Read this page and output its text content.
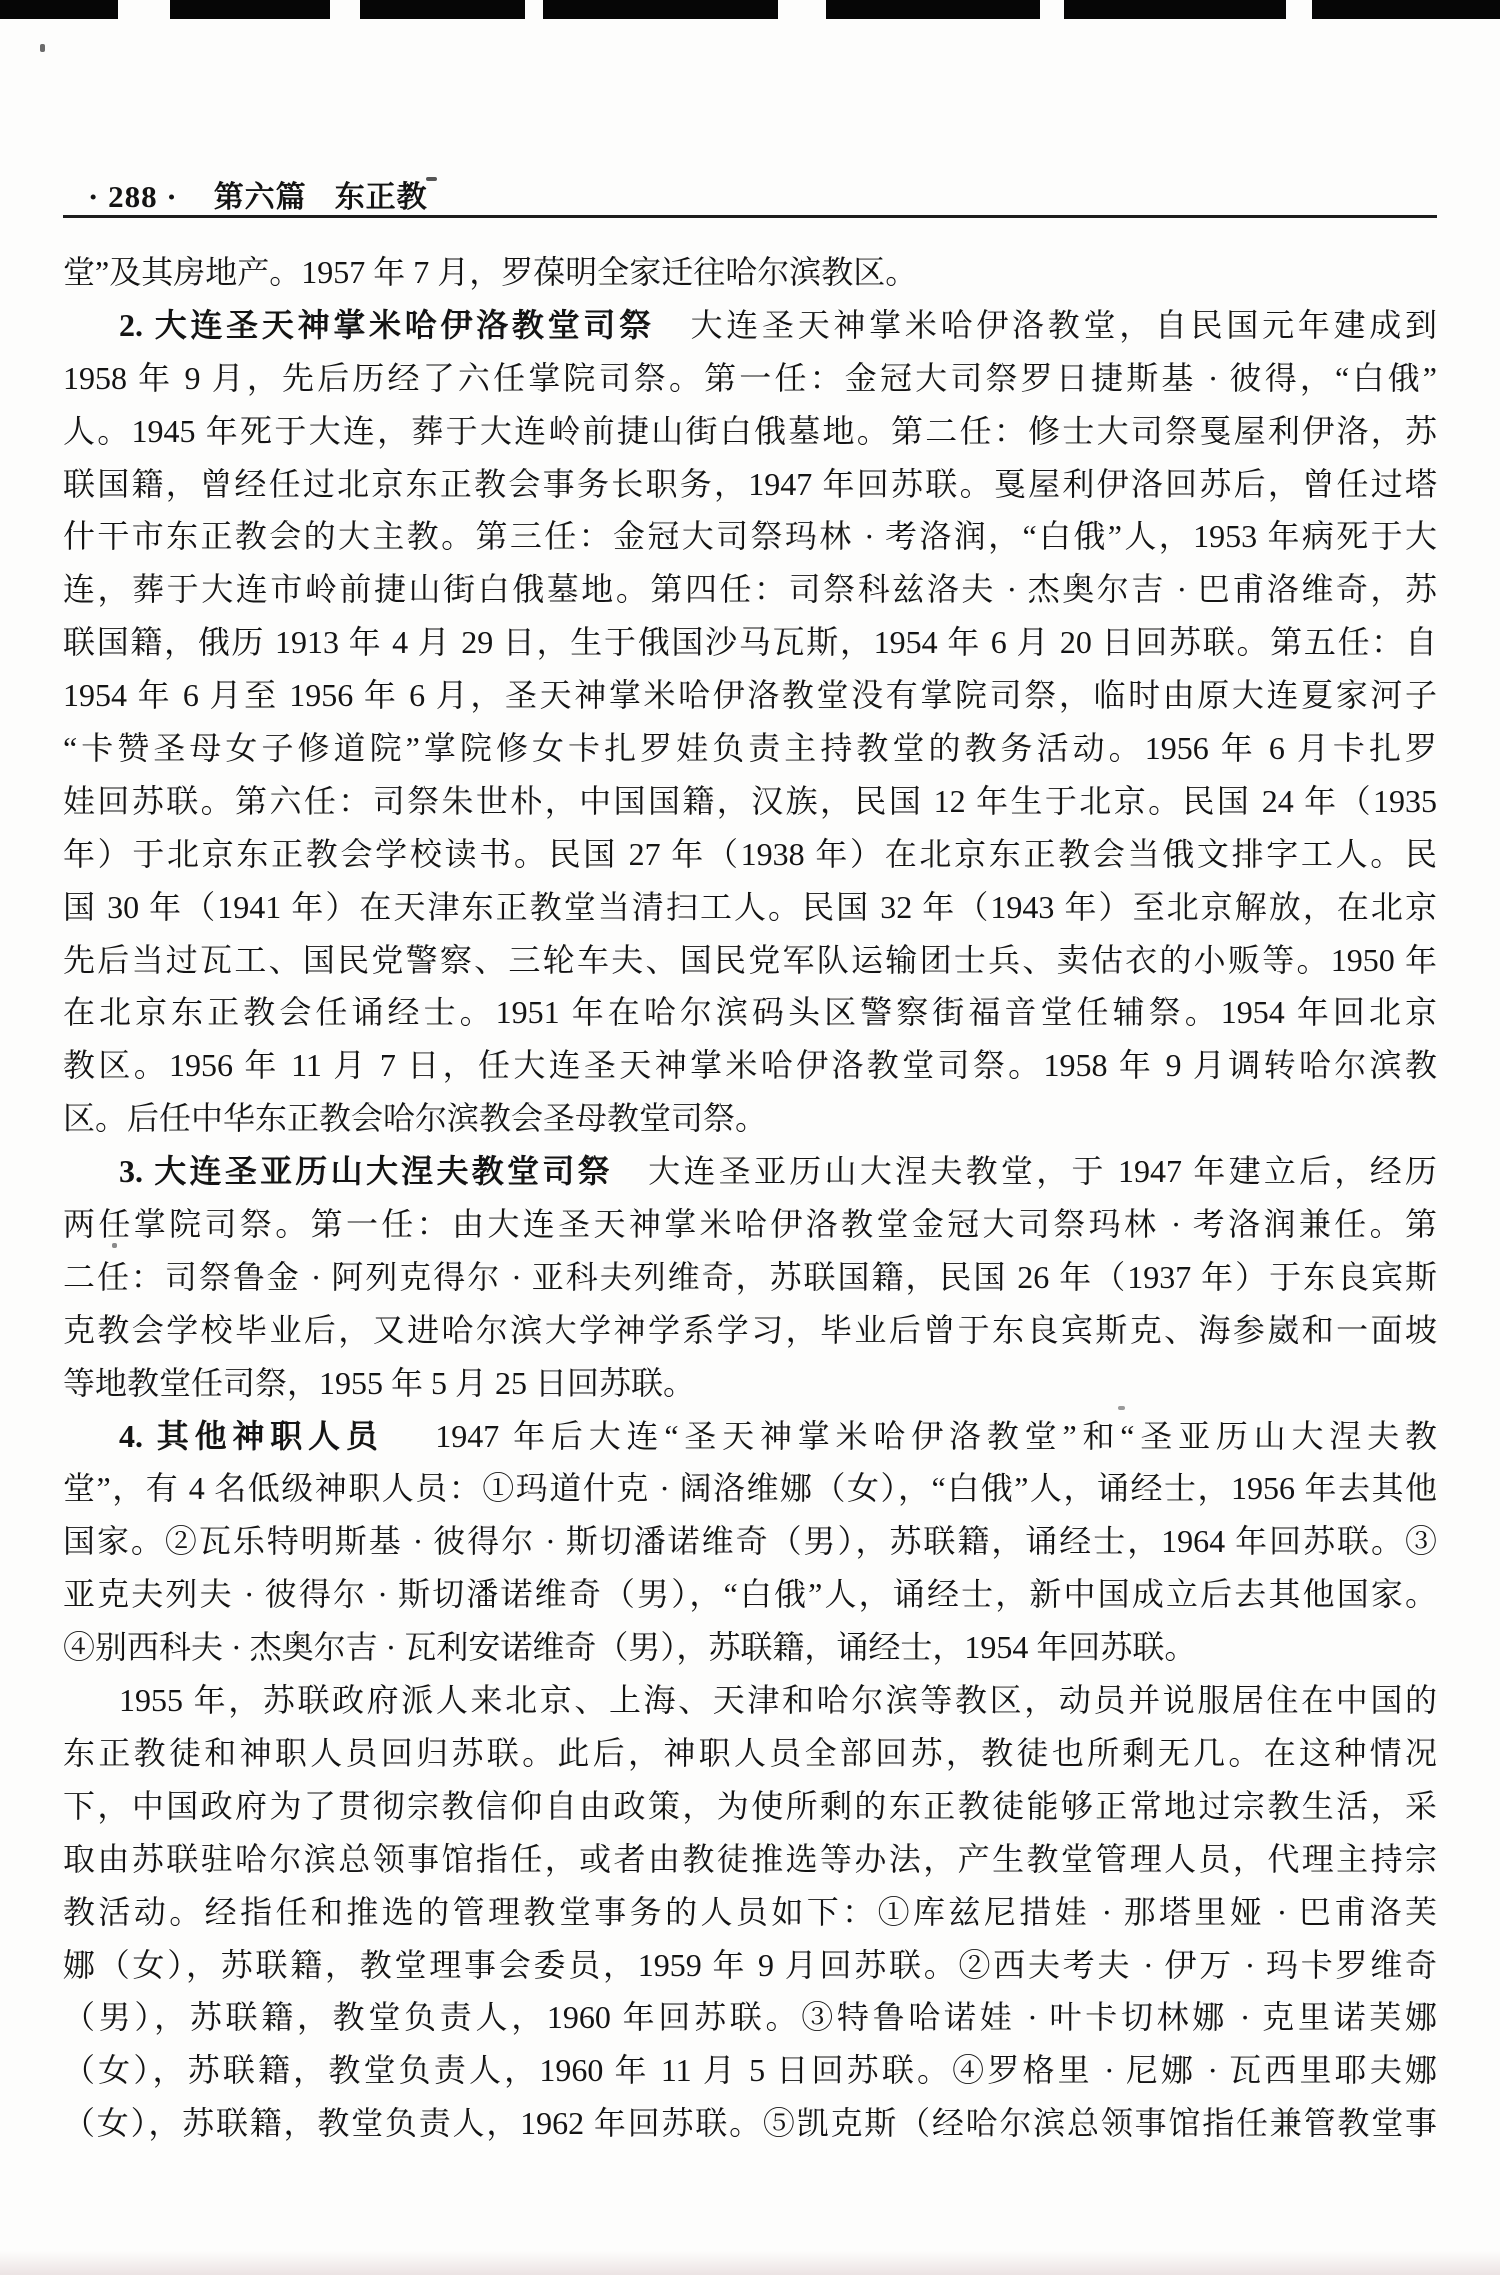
· 288 · 第六篇 东正教
堂”及其房地产。1957 年 7 月，罗葆明全家迁往哈尔滨教区。
2. 大连圣天神掌米哈伊洛教堂司祭　大连圣天神掌米哈伊洛教堂，自民国元年建成到
1958 年 9 月，先后历经了六任掌院司祭。第一任：金冠大司祭罗日捷斯基 · 彼得，“白俄”
人。1945 年死于大连，葬于大连岭前捷山街白俄墓地。第二任：修士大司祭戛屋利伊洛，苏
联国籍，曾经任过北京东正教会事务长职务，1947 年回苏联。戛屋利伊洛回苏后，曾任过塔
什干市东正教会的大主教。第三任：金冠大司祭玛林 · 考洛润，“白俄”人，1953 年病死于大
连，葬于大连市岭前捷山街白俄墓地。第四任：司祭科兹洛夫 · 杰奥尔吉 · 巴甫洛维奇，苏
联国籍，俄历 1913 年 4 月 29 日，生于俄国沙马瓦斯，1954 年 6 月 20 日回苏联。第五任：自
1954 年 6 月至 1956 年 6 月，圣天神掌米哈伊洛教堂没有掌院司祭，临时由原大连夏家河子
“卡赞圣母女子修道院”掌院修女卡扎罗娃负责主持教堂的教务活动。1956 年 6 月卡扎罗
娃回苏联。第六任：司祭朱世朴，中国国籍，汉族，民国 12 年生于北京。民国 24 年（1935
年）于北京东正教会学校读书。民国 27 年（1938 年）在北京东正教会当俄文排字工人。民
国 30 年（1941 年）在天津东正教堂当清扫工人。民国 32 年（1943 年）至北京解放，在北京
先后当过瓦工、国民党警察、三轮车夫、国民党军队运输团士兵、卖估衣的小贩等。1950 年
在北京东正教会任诵经士。1951 年在哈尔滨码头区警察街福音堂任辅祭。1954 年回北京
教区。1956 年 11 月 7 日，任大连圣天神掌米哈伊洛教堂司祭。1958 年 9 月调转哈尔滨教
区。后任中华东正教会哈尔滨教会圣母教堂司祭。
3. 大连圣亚历山大涅夫教堂司祭　大连圣亚历山大涅夫教堂，于 1947 年建立后，经历
两任掌院司祭。第一任：由大连圣天神掌米哈伊洛教堂金冠大司祭玛林 · 考洛润兼任。第
二任：司祭鲁金 · 阿列克得尔 · 亚科夫列维奇，苏联国籍，民国 26 年（1937 年）于东良宾斯
克教会学校毕业后，又进哈尔滨大学神学系学习，毕业后曾于东良宾斯克、海参崴和一面坡
等地教堂任司祭，1955 年 5 月 25 日回苏联。
4. 其他神职人员　 1947 年后大连“圣天神掌米哈伊洛教堂”和“圣亚历山大涅夫教
堂”，有 4 名低级神职人员：①玛道什克 · 阔洛维娜（女），“白俄”人，诵经士，1956 年去其他
国家。②瓦乐特明斯基 · 彼得尔 · 斯切潘诺维奇（男），苏联籍，诵经士，1964 年回苏联。③
亚克夫列夫 · 彼得尔 · 斯切潘诺维奇（男），“白俄”人，诵经士，新中国成立后去其他国家。
④别西科夫 · 杰奥尔吉 · 瓦利安诺维奇（男），苏联籍，诵经士，1954 年回苏联。
1955 年，苏联政府派人来北京、上海、天津和哈尔滨等教区，动员并说服居住在中国的
东正教徒和神职人员回归苏联。此后，神职人员全部回苏，教徒也所剩无几。在这种情况
下，中国政府为了贯彻宗教信仰自由政策，为使所剩的东正教徒能够正常地过宗教生活，采
取由苏联驻哈尔滨总领事馆指任，或者由教徒推选等办法，产生教堂管理人员，代理主持宗
教活动。经指任和推选的管理教堂事务的人员如下：①库兹尼措娃 · 那塔里娅 · 巴甫洛芙
娜（女），苏联籍，教堂理事会委员，1959 年 9 月回苏联。②西夫考夫 · 伊万 · 玛卡罗维奇
（男），苏联籍，教堂负责人，1960 年回苏联。③特鲁哈诺娃 · 叶卡切林娜 · 克里诺芙娜
（女），苏联籍，教堂负责人，1960 年 11 月 5 日回苏联。④罗格里 · 尼娜 · 瓦西里耶夫娜
（女），苏联籍，教堂负责人，1962 年回苏联。⑤凯克斯（经哈尔滨总领事馆指任兼管教堂事
